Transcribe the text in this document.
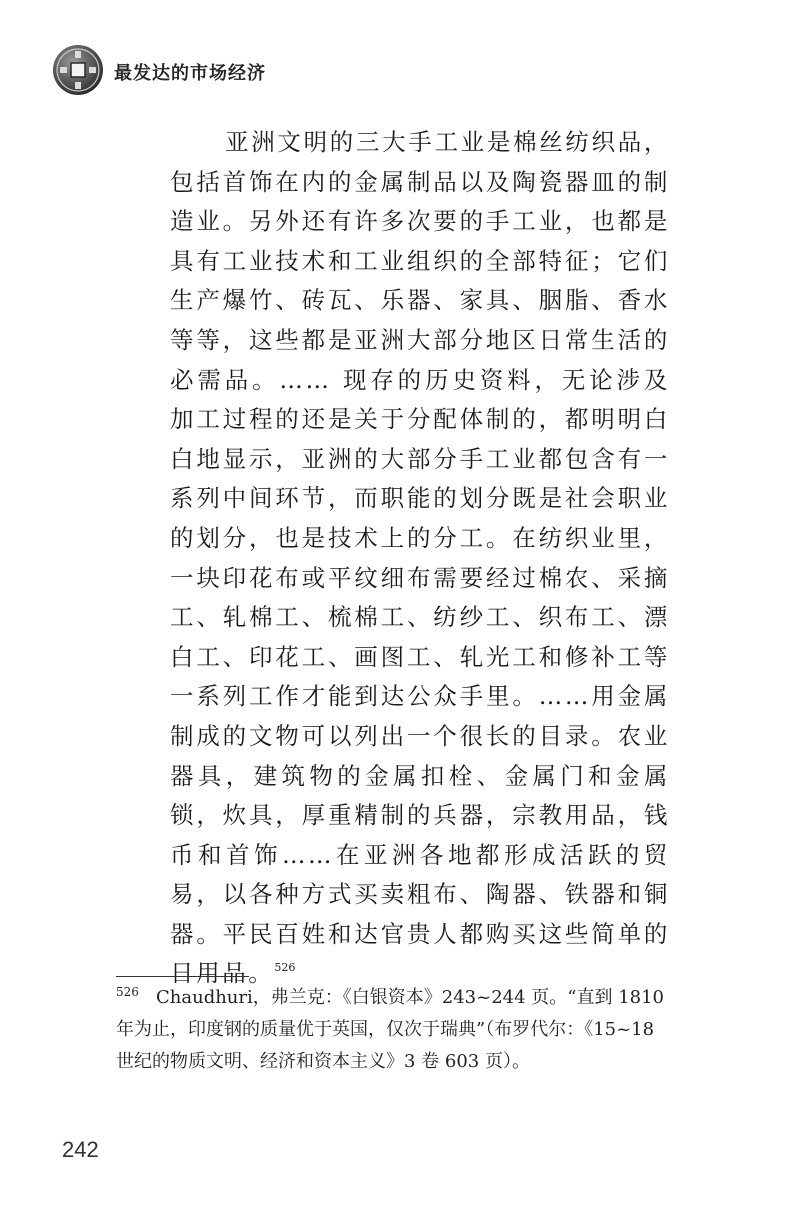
最发达的市场经济

亚洲文明的三大手工业是棉丝纺织品，包括首饰在内的金属制品以及陶瓷器皿的制造业。另外还有许多次要的手工业，也都是具有工业技术和工业组织的全部特征；它们生产爆竹、砖瓦、乐器、家具、胭脂、香水等等，这些都是亚洲大部分地区日常生活的必需品。…… 现存的历史资料，无论涉及加工过程的还是关于分配体制的，都明明白白地显示，亚洲的大部分手工业都包含有一系列中间环节，而职能的划分既是社会职业的划分，也是技术上的分工。在纺织业里，一块印花布或平纹细布需要经过棉农、采摘工、轧棉工、梳棉工、纺纱工、织布工、漂白工、印花工、画图工、轧光工和修补工等一系列工作才能到达公众手里。……用金属制成的文物可以列出一个很长的目录。农业器具，建筑物的金属扣栓、金属门和金属锁，炊具，厚重精制的兵器，宗教用品，钱币和首饰……在亚洲各地都形成活跃的贸易，以各种方式买卖粗布、陶器、铁器和铜器。平民百姓和达官贵人都购买这些简单的日用品。$^{526}$

526 Chaudhuri，弗兰克：《白银资本》243~244 页。“直到 1810 年为止，印度钢的质量优于英国，仅次于瑞典”（布罗代尔：《15~18 世纪的物质文明、经济和资本主义》3 卷 603 页）。

242
